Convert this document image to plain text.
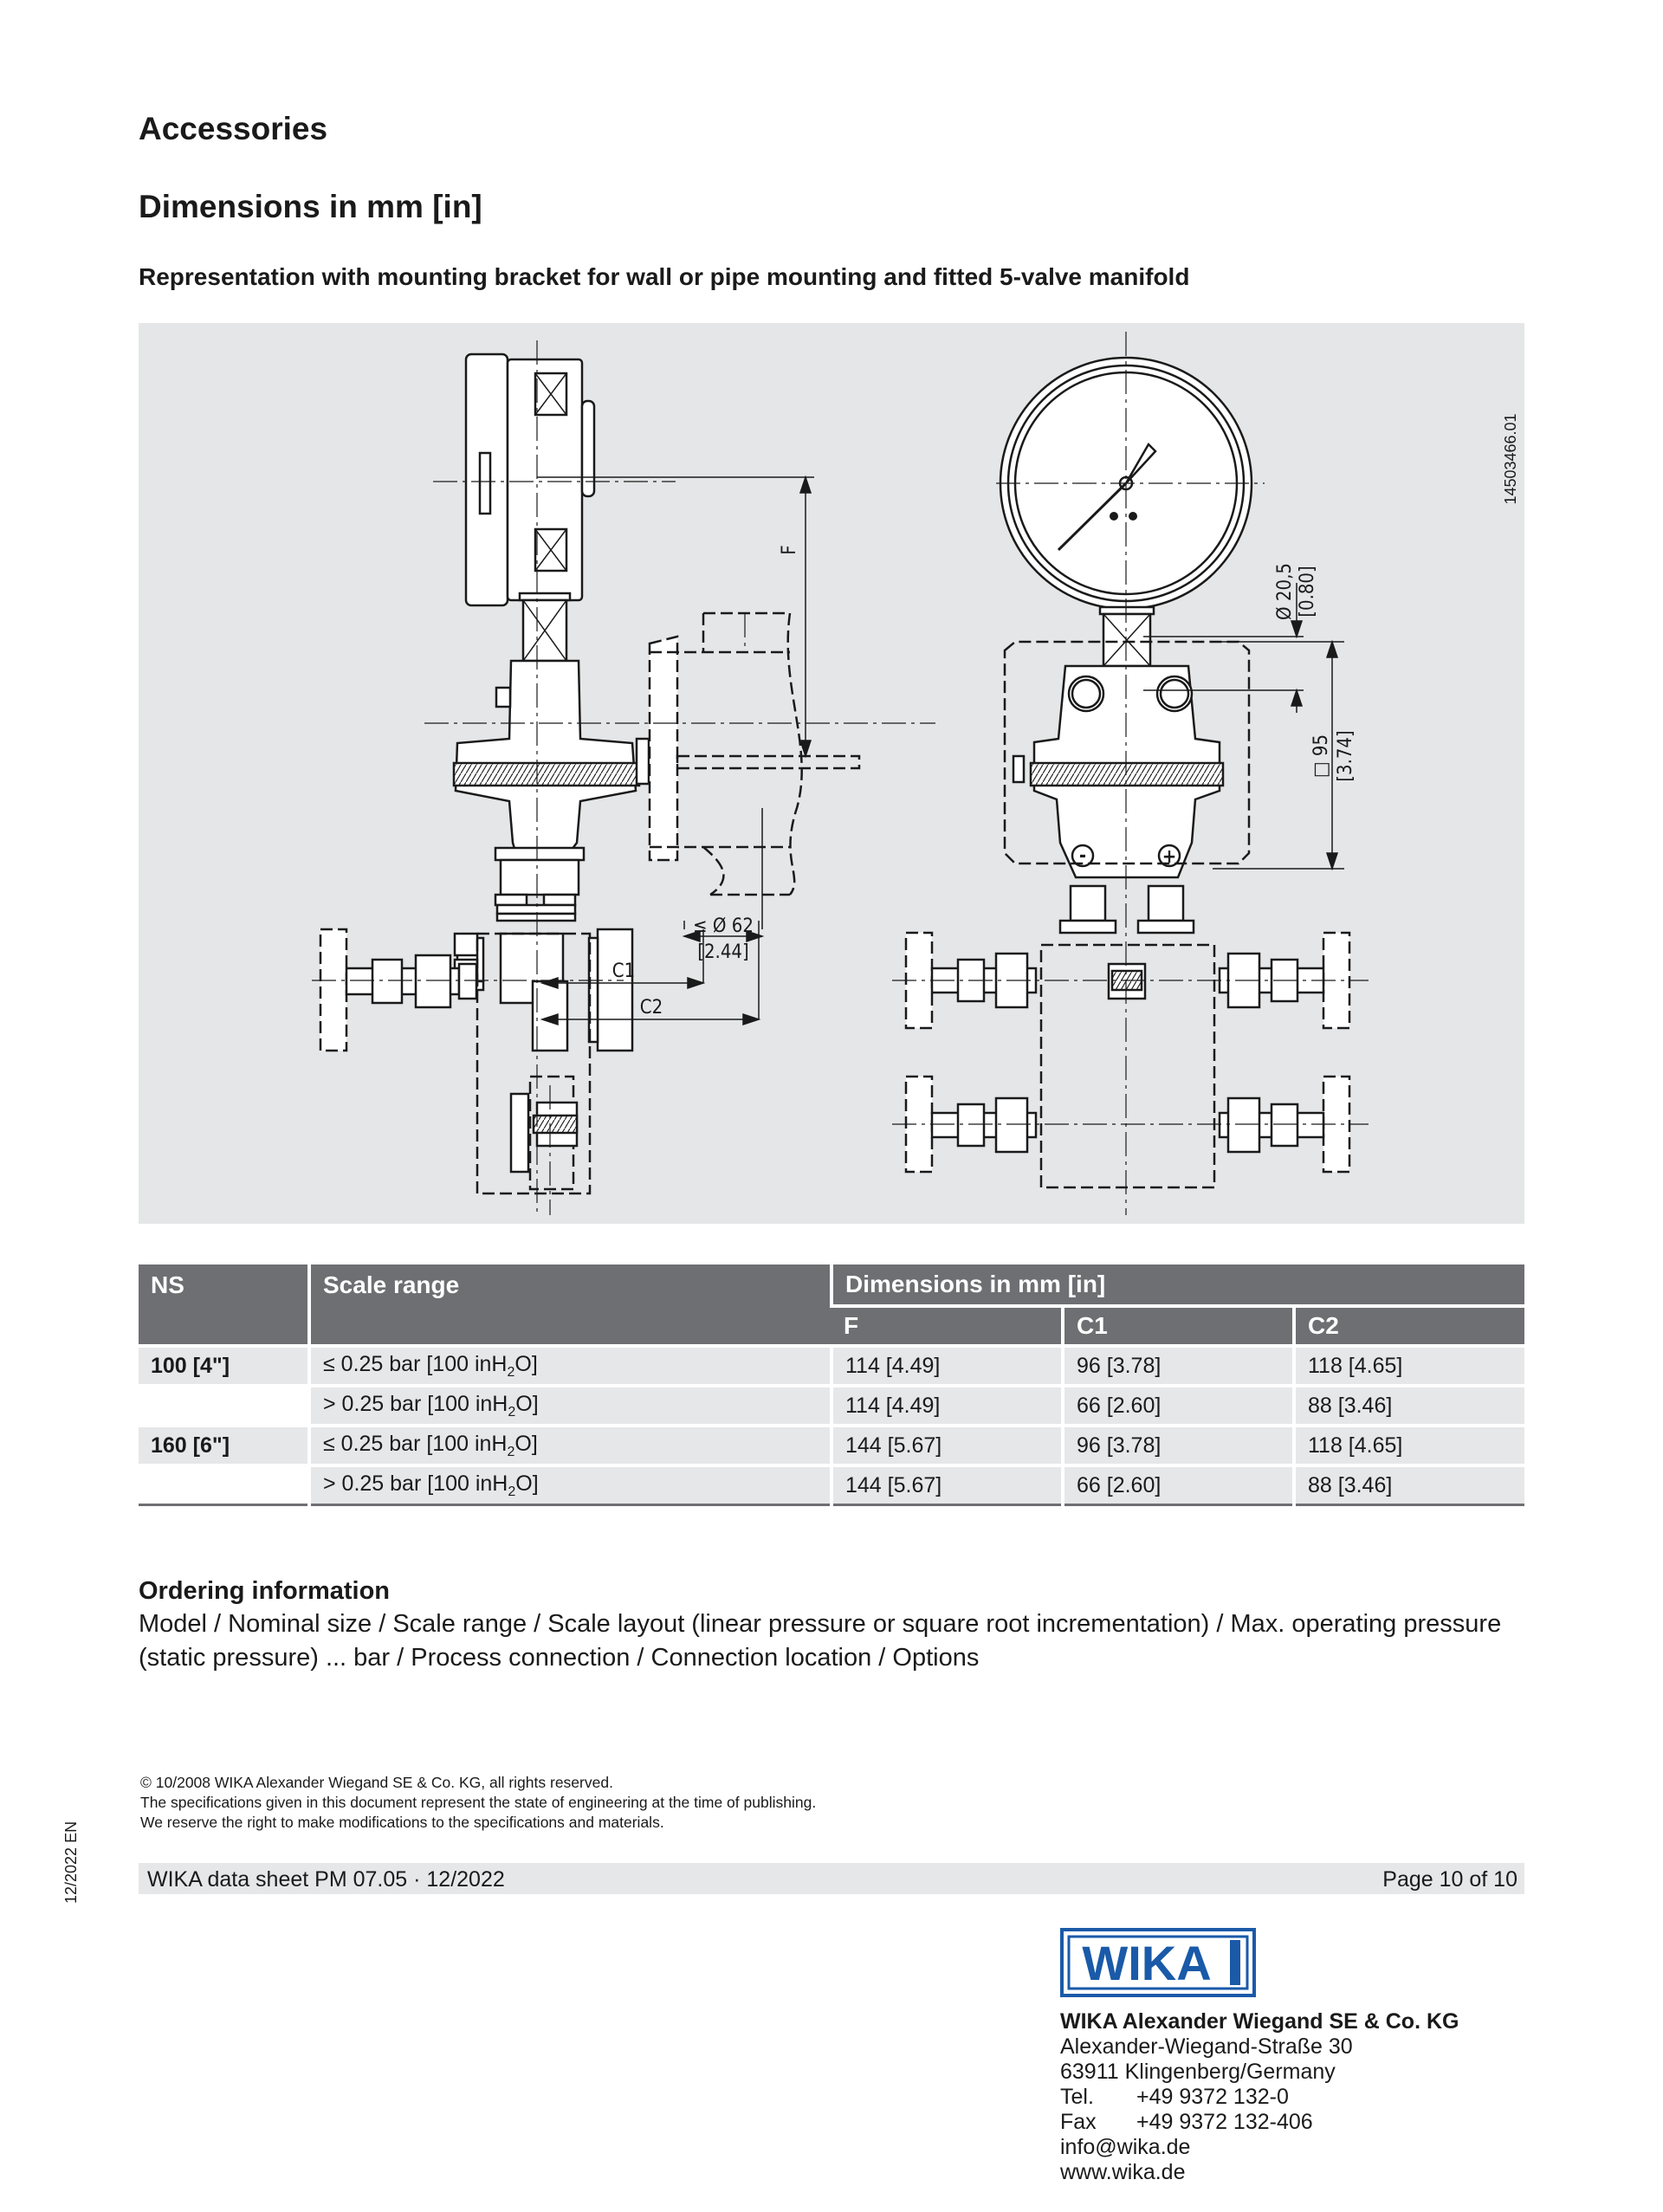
Accessories
Dimensions in mm [in]
Representation with mounting bracket for wall or pipe mounting and fitted 5-valve manifold
F
≤ Ø 62
[2.44]
C1
C2
Ø 20,5 [0.80]
□ 95 [3.74]
-	+
14503466.01
NS	Scale range	Dimensions in mm [in]		
		F	C1	C2
100 [4"]	≤ 0.25 bar [100 inH$_2$O]	114 [4.49]	96 [3.78]	118 [4.65]
	> 0.25 bar [100 inH$_2$O]	114 [4.49]	66 [2.60]	88 [3.46]
160 [6"]	≤ 0.25 bar [100 inH$_2$O]	144 [5.67]	96 [3.78]	118 [4.65]
	> 0.25 bar [100 inH$_2$O]	144 [5.67]	66 [2.60]	88 [3.46]
Ordering information
Model / Nominal size / Scale range / Scale layout (linear pressure or square root incrementation) / Max. operating pressure (static pressure) ... bar / Process connection / Connection location / Options
© 10/2008 WIKA Alexander Wiegand SE & Co. KG, all rights reserved.
The specifications given in this document represent the state of engineering at the time of publishing.
We reserve the right to make modifications to the specifications and materials.
WIKA data sheet PM 07.05 · 12/2022	Page 10 of 10
12/2022 EN
WIKA
WIKA Alexander Wiegand SE & Co. KG
Alexander-Wiegand-Straße 30
63911 Klingenberg/Germany
Tel. +49 9372 132-0
Fax +49 9372 132-406
info@wika.de
www.wika.de
